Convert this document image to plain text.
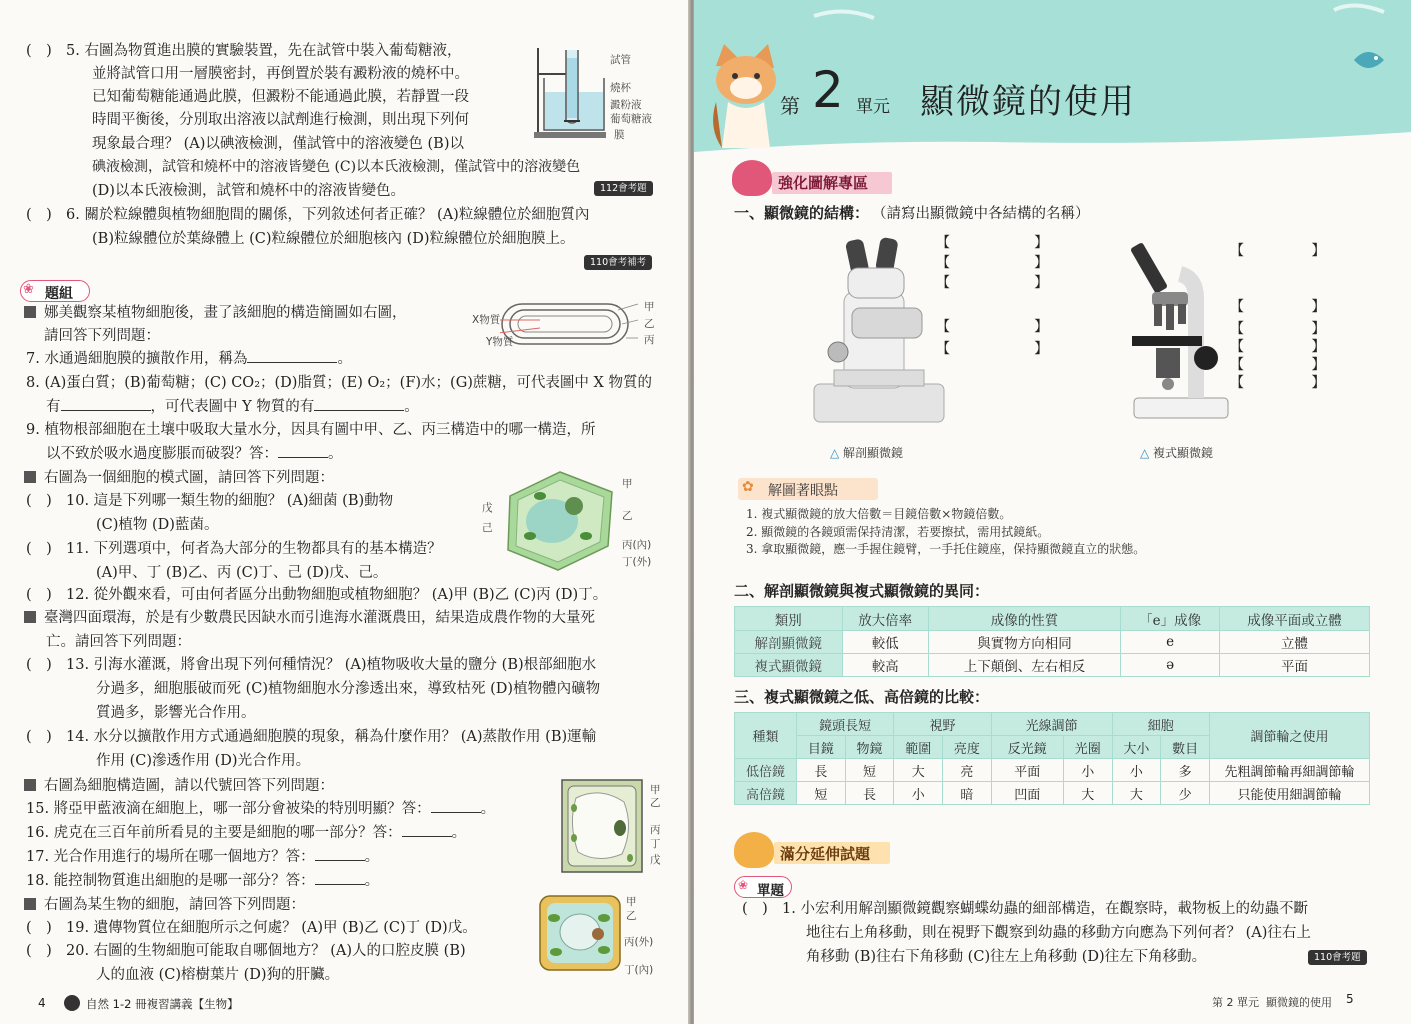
(　) 5. 右圖為物質進出膜的實驗裝置，先在試管中裝入葡萄糖液，
並將試管口用一層膜密封，再倒置於裝有澱粉液的燒杯中。
已知葡萄糖能通過此膜，但澱粉不能通過此膜，若靜置一段
時間平衡後，分別取出溶液以試劑進行檢測，則出現下列何
現象最合理？ (A)以碘液檢測，僅試管中的溶液變色 (B)以
碘液檢測，試管和燒杯中的溶液皆變色 (C)以本氏液檢測，僅試管中的溶液變色
(D)以本氏液檢測，試管和燒杯中的溶液皆變色。	112會考題
試管
燒杯
澱粉液
葡萄糖液
膜
(　) 6. 關於粒線體與植物細胞間的關係，下列敘述何者正確？ (A)粒線體位於細胞質內
(B)粒線體位於葉綠體上 (C)粒線體位於細胞核內 (D)粒線體位於細胞膜上。
110會考補考
❀ 題組
娜美觀察某植物細胞後，畫了該細胞的構造簡圖如右圖，
請回答下列問題：
7. 水通過細胞膜的擴散作用，稱為	。
8. (A)蛋白質；(B)葡萄糖；(C) CO₂；(D)脂質；(E) O₂；(F)水；(G)蔗糖，可代表圖中 X 物質的
有	，可代表圖中 Y 物質的有	。
9. 植物根部細胞在土壤中吸取大量水分，因具有圖中甲、乙、丙三構造中的哪一構造，所
以不致於吸水過度膨脹而破裂？答：	。
X物質
Y物質
甲
乙
丙
右圖為一個細胞的模式圖，請回答下列問題：
(　) 10. 這是下列哪一類生物的細胞？ (A)細菌 (B)動物
(C)植物 (D)藍菌。
(　) 11. 下列選項中，何者為大部分的生物都具有的基本構造？
(A)甲、丁 (B)乙、丙 (C)丁、己 (D)戊、己。
(　) 12. 從外觀來看，可由何者區分出動物細胞或植物細胞？ (A)甲 (B)乙 (C)丙 (D)丁。
甲
乙
丙(內)
丁(外)
戊
己
臺灣四面環海，於是有少數農民因缺水而引進海水灌溉農田，結果造成農作物的大量死
亡。請回答下列問題：
(　) 13. 引海水灌溉，將會出現下列何種情況？ (A)植物吸收大量的鹽分 (B)根部細胞水
分過多，細胞脹破而死 (C)植物細胞水分滲透出來，導致枯死 (D)植物體內礦物
質過多，影響光合作用。
(　) 14. 水分以擴散作用方式通過細胞膜的現象，稱為什麼作用？ (A)蒸散作用 (B)運輸
作用 (C)滲透作用 (D)光合作用。
右圖為細胞構造圖，請以代號回答下列問題：
15. 將亞甲藍液滴在細胞上，哪一部分會被染的特別明顯？答：	。
16. 虎克在三百年前所看見的主要是細胞的哪一部分？答：	。
17. 光合作用進行的場所在哪一個地方？答：	。
18. 能控制物質進出細胞的是哪一部分？答：	。
甲
乙
丙
丁
戊
右圖為某生物的細胞，請回答下列問題：
(　) 19. 遺傳物質位在細胞所示之何處？ (A)甲 (B)乙 (C)丁 (D)戊。
(　) 20. 右圖的生物細胞可能取自哪個地方？ (A)人的口腔皮膜 (B)
人的血液 (C)榕樹葉片 (D)狗的肝臟。
甲
乙
丙(外)
丁(內)
4	自然 1-2 冊複習講義【生物】
第 2 單元 顯微鏡的使用
強化圖解專區
一、顯微鏡的結構： （請寫出顯微鏡中各結構的名稱）
【	】
【	】
【	】
【	】
【	】
△ 解剖顯微鏡
【	】
【	】
【	】
【	】
【	】
【	】
△ 複式顯微鏡
✿ 解圖著眼點
1. 複式顯微鏡的放大倍數＝目鏡倍數×物鏡倍數。
2. 顯微鏡的各鏡頭需保持清潔，若要擦拭，需用拭鏡紙。
3. 拿取顯微鏡，應一手握住鏡臂，一手托住鏡座，保持顯微鏡直立的狀態。
二、解剖顯微鏡與複式顯微鏡的異同：
類別	放大倍率	成像的性質	「e」成像	成像平面或立體
解剖顯微鏡	較低	與實物方向相同	e	立體
複式顯微鏡	較高	上下顛倒、左右相反	ə	平面
三、複式顯微鏡之低、高倍鏡的比較：
種類	鏡頭長短		視野		光線調節		細胞		調節輪之使用
	目鏡	物鏡	範圍	亮度	反光鏡	光圈	大小	數目	
低倍鏡	長	短	大	亮	平面	小	小	多	先粗調節輪再細調節輪
高倍鏡	短	長	小	暗	凹面	大	大	少	只能使用細調節輪
滿分延伸試題
❀ 單題
(　) 1. 小宏利用解剖顯微鏡觀察蝴蝶幼蟲的細部構造，在觀察時，載物板上的幼蟲不斷
地往右上角移動，則在視野下觀察到幼蟲的移動方向應為下列何者？ (A)往右上
角移動 (B)往右下角移動 (C)往左上角移動 (D)往左下角移動。	110會考題
第 2 單元 顯微鏡的使用 5
